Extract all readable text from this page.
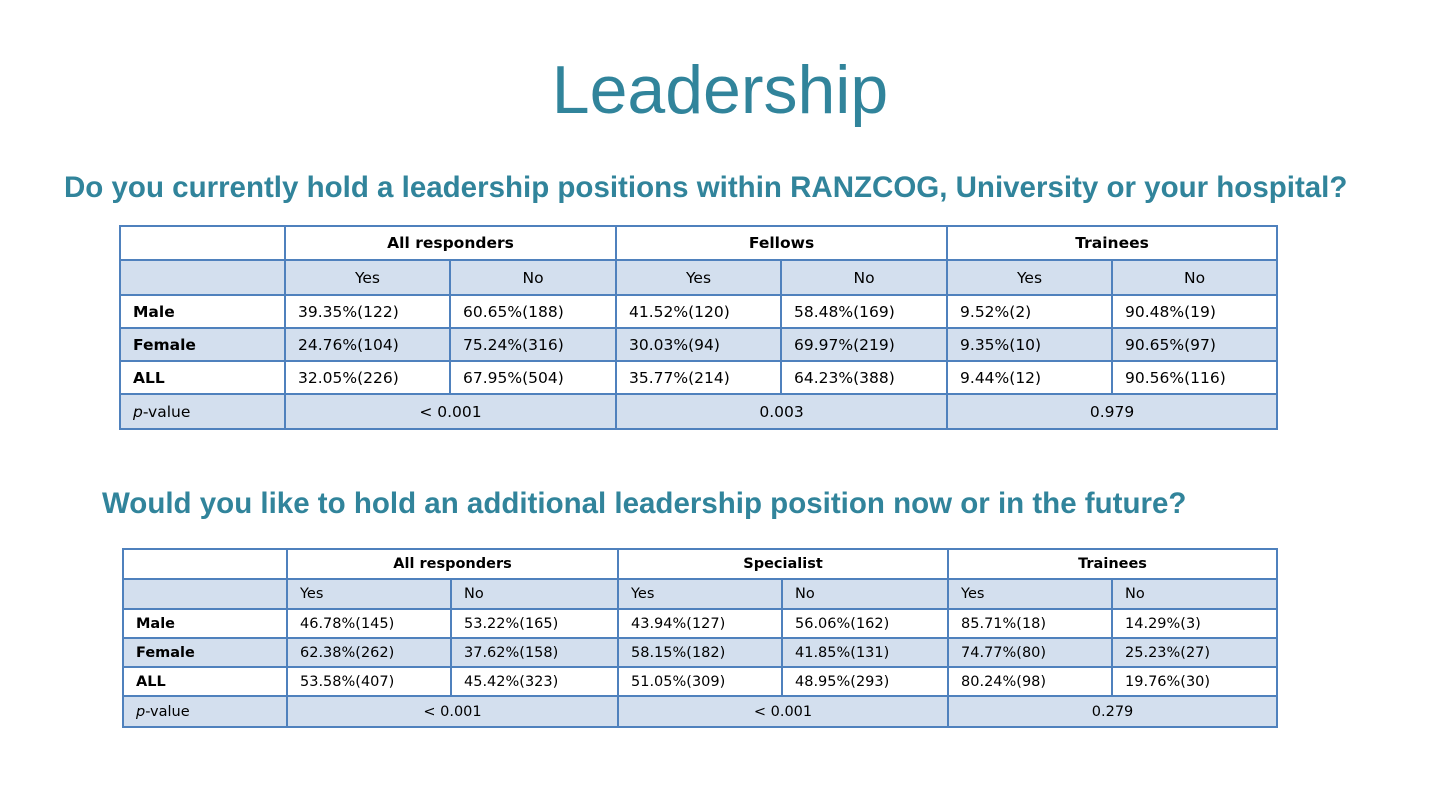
Leadership
Do you currently hold a leadership positions within RANZCOG, University or your hospital?
Would you like to hold an additional leadership position now or in the future?
	All responders		Fellows		Trainees	
	Yes	No	Yes	No	Yes	No
Male	39.35%(122)	60.65%(188)	41.52%(120)	58.48%(169)	9.52%(2)	90.48%(19)
Female	24.76%(104)	75.24%(316)	30.03%(94)	69.97%(219)	9.35%(10)	90.65%(97)
ALL	32.05%(226)	67.95%(504)	35.77%(214)	64.23%(388)	9.44%(12)	90.56%(116)
p-value	< 0.001		0.003		0.979	
	All responders		Specialist		Trainees	
	Yes	No	Yes	No	Yes	No
Male	46.78%(145)	53.22%(165)	43.94%(127)	56.06%(162)	85.71%(18)	14.29%(3)
Female	62.38%(262)	37.62%(158)	58.15%(182)	41.85%(131)	74.77%(80)	25.23%(27)
ALL	53.58%(407)	45.42%(323)	51.05%(309)	48.95%(293)	80.24%(98)	19.76%(30)
p-value	< 0.001		< 0.001		0.279	
